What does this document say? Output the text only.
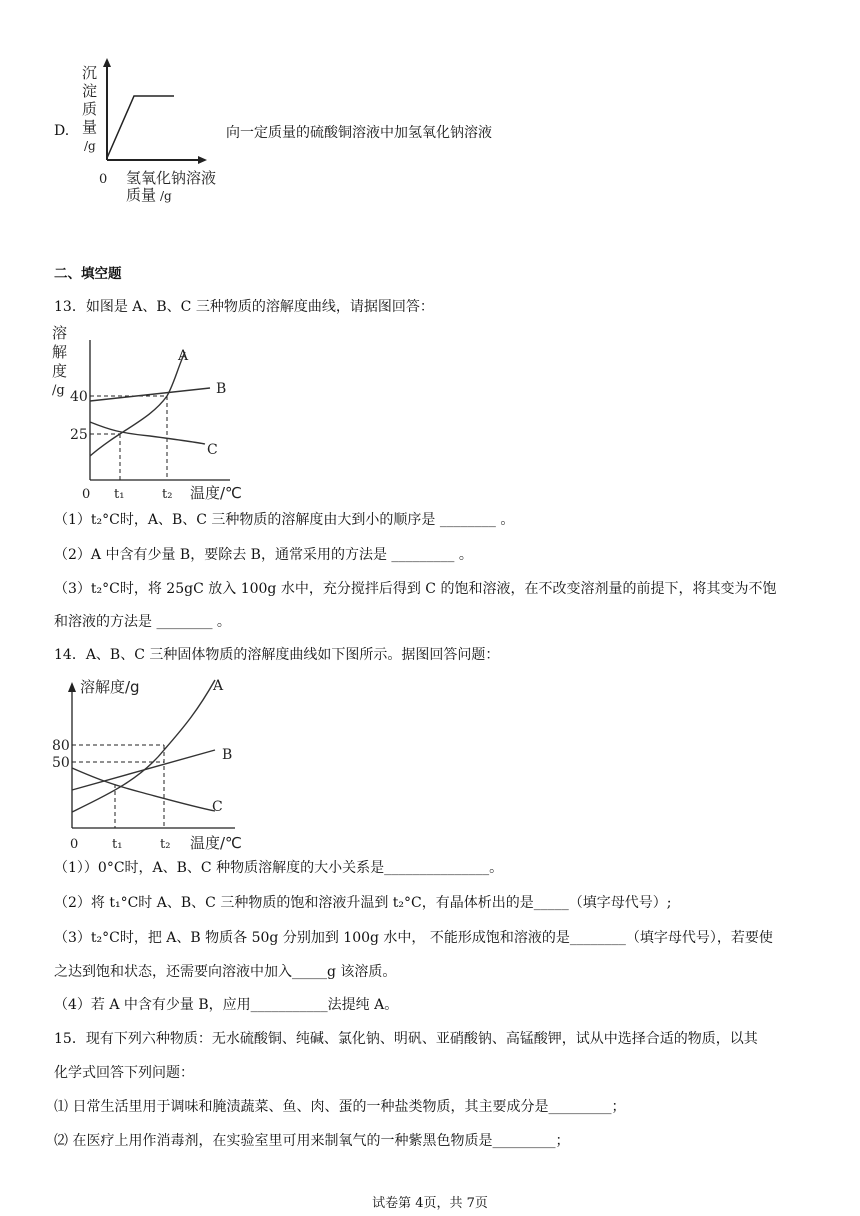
D.	向一定质量的硫酸铜溶液中加氢氧化钠溶液
沉
淀
质
量
/g
0 氢氧化钠溶液
质量 /g
二、填空题
13．如图是 A、B、C 三种物质的溶解度曲线，请据图回答：
溶
解
度
/g 40
25
0 t₁	t₂ 温度/℃
A
B
C
（1）t₂°C时，A、B、C 三种物质的溶解度由大到小的顺序是 ________ 。
（2）A 中含有少量 B，要除去 B，通常采用的方法是 _________ 。
（3）t₂°C时，将 25gC 放入 100g 水中，充分搅拌后得到 C 的饱和溶液，在不改变溶剂量的前提下，将其变为不饱
和溶液的方法是 ________ 。
14．A、B、C 三种固体物质的溶解度曲线如下图所示。据图回答问题：
溶解度/g
80
50
0	t₁	t₂ 温度/℃
A
B
C
（1））0°C时，A、B、C 种物质溶解度的大小关系是_______________。
（2）将 t₁°C时 A、B、C 三种物质的饱和溶液升温到 t₂°C，有晶体析出的是_____（填字母代号）;
（3）t₂°C时，把 A、B 物质各 50g 分别加到 100g 水中， 不能形成饱和溶液的是________（填字母代号），若要使
之达到饱和状态，还需要向溶液中加入_____g 该溶质。
（4）若 A 中含有少量 B，应用___________法提纯 A。
15．现有下列六种物质：无水硫酸铜、纯碱、氯化钠、明矾、亚硝酸钠、高锰酸钾，试从中选择合适的物质，以其
化学式回答下列问题：
⑴ 日常生活里用于调味和腌渍蔬菜、鱼、肉、蛋的一种盐类物质，其主要成分是_________；
⑵ 在医疗上用作消毒剂，在实验室里可用来制氧气的一种紫黑色物质是_________；
试卷第 4页，共 7页
